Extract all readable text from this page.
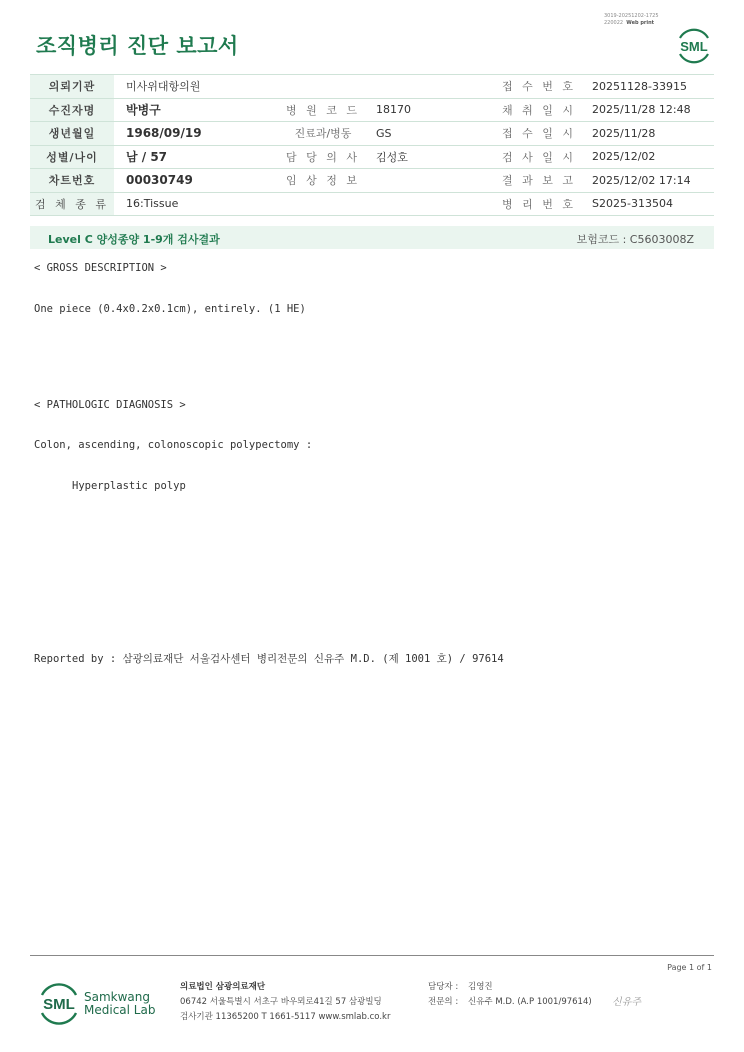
3019-20251202-1725
220022 Web print
조직병리 진단 보고서	SML
의뢰기관	미사위대항의원			접 수 번 호	20251128-33915
수진자명	박병구	병 원 코 드	18170	채 취 일 시	2025/11/28 12:48
생년월일	1968/09/19	진료과/병동	GS	접 수 일 시	2025/11/28
성별/나이	남 / 57	담 당 의 사	김성호	검 사 일 시	2025/12/02
차트번호	00030749	임 상 정 보		결 과 보 고	2025/12/02 17:14
검 체 종 류	16:Tissue			병 리 번 호	S2025-313504
Level C 양성종양 1-9개 검사결과	보험코드 : C5603008Z
< GROSS DESCRIPTION >
One piece (0.4x0.2x0.1cm), entirely. (1 HE)
< PATHOLOGIC DIAGNOSIS >
Colon, ascending, colonoscopic polypectomy :
Hyperplastic polyp
Reported by : 삼광의료재단 서울검사센터 병리전문의 신유주 M.D. (제 1001 호) / 97614
Page 1 of 1
SML Samkwang
Medical Lab
의료법인 삼광의료재단
06742 서울특별시 서초구 바우뫼로41길 57 삼광빌딩
검사기관 11365200 T 1661-5117 www.smlab.co.kr
담당자 : 김영진
전문의 : 신유주 M.D. (A.P 1001/97614) 신유주
